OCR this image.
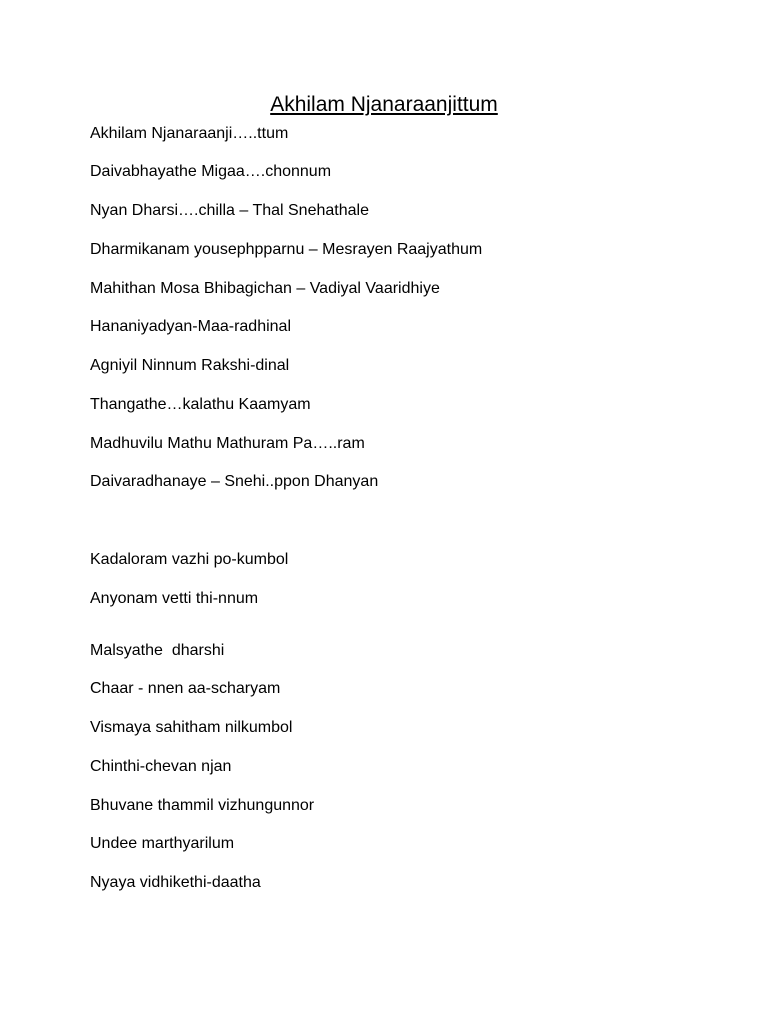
Akhilam Njanaraanjittum
Akhilam Njanaraanji…..ttum
Daivabhayathe Migaa….chonnum
Nyan Dharsi….chilla – Thal Snehathale
Dharmikanam yousephpparnu – Mesrayen Raajyathum
Mahithan Mosa Bhibagichan – Vadiyal Vaaridhiye
Hananiyadyan-Maa-radhinal
Agniyil Ninnum Rakshi-dinal
Thangathe…kalathu Kaamyam
Madhuvilu Mathu Mathuram Pa…..ram
Daivaradhanaye – Snehi..ppon Dhanyan
Kadaloram vazhi po-kumbol
Anyonam vetti thi-nnum
Malsyathe  dharshi
Chaar - nnen aa-scharyam
Vismaya sahitham nilkumbol
Chinthi-chevan njan
Bhuvane thammil vizhungunnor
Undee marthyarilum
Nyaya vidhikethi-daatha
